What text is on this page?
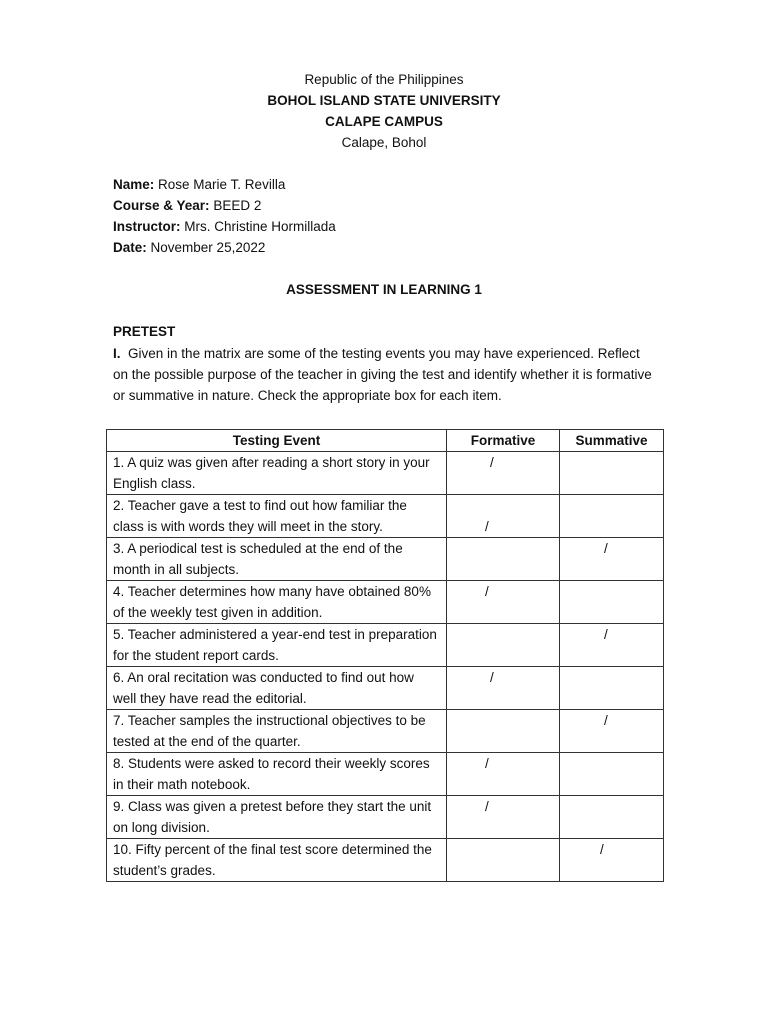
Republic of the Philippines
BOHOL ISLAND STATE UNIVERSITY
CALAPE CAMPUS
Calape, Bohol
Name: Rose Marie T. Revilla
Course & Year: BEED 2
Instructor: Mrs. Christine Hormillada
Date: November 25,2022
ASSESSMENT IN LEARNING 1
PRETEST
I. Given in the matrix are some of the testing events you may have experienced. Reflect on the possible purpose of the teacher in giving the test and identify whether it is formative or summative in nature. Check the appropriate box for each item.
Testing Event	Formative	Summative
1. A quiz was given after reading a short story in your English class.	/	

2. Teacher gave a test to find out how familiar the class is with words they will meet in the story.	/	

3. A periodical test is scheduled at the end of the month in all subjects.		/

4. Teacher determines how many have obtained 80% of the weekly test given in addition.	/	

5. Teacher administered a year-end test in preparation for the student report cards.		/

6. An oral recitation was conducted to find out how well they have read the editorial.	/	

7. Teacher samples the instructional objectives to be tested at the end of the quarter.		/

8. Students were asked to record their weekly scores in their math notebook.	/	

9. Class was given a pretest before they start the unit on long division.	/	

10. Fifty percent of the final test score determined the student’s grades.		/
